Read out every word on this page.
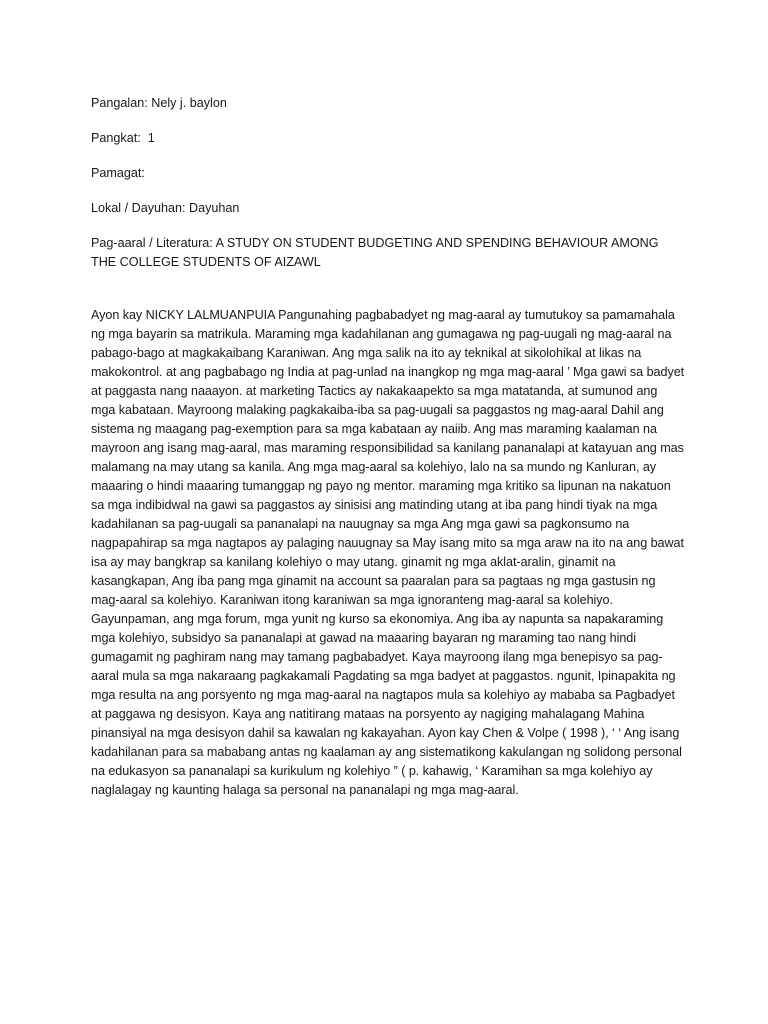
Pangalan: Nely j. baylon

Pangkat:  1

Pamagat:

Lokal / Dayuhan: Dayuhan

Pag-aaral / Literatura: A STUDY ON STUDENT BUDGETING AND SPENDING BEHAVIOUR AMONG THE COLLEGE STUDENTS OF AIZAWL

Ayon kay NICKY LALMUANPUIA Pangunahing pagbabadyet ng mag-aaral ay tumutukoy sa pamamahala ng mga bayarin sa matrikula. Maraming mga kadahilanan ang gumagawa ng pag-uugali ng mag-aaral na pabago-bago at magkakaibang Karaniwan. Ang mga salik na ito ay teknikal at sikolohikal at likas na makokontrol. at ang pagbabago ng India at pag-unlad na inangkop ng mga mag-aaral ’ Mga gawi sa badyet at paggasta nang naaayon. at marketing Tactics ay nakakaapekto sa mga matatanda, at sumunod ang mga kabataan. Mayroong malaking pagkakaiba-iba sa pag-uugali sa paggastos ng mag-aaral Dahil ang sistema ng maagang pag-exemption para sa mga kabataan ay naiib. Ang mas maraming kaalaman na mayroon ang isang mag-aaral, mas maraming responsibilidad sa kanilang pananalapi at katayuan ang mas malamang na may utang sa kanila. Ang mga mag-aaral sa kolehiyo, lalo na sa mundo ng Kanluran, ay maaaring o hindi maaaring tumanggap ng payo ng mentor. maraming mga kritiko sa lipunan na nakatuon sa mga indibidwal na gawi sa paggastos ay sinisisi ang matinding utang at iba pang hindi tiyak na mga kadahilanan sa pag-uugali sa pananalapi na nauugnay sa mga Ang mga gawi sa pagkonsumo na nagpapahirap sa mga nagtapos ay palaging nauugnay sa May isang mito sa mga araw na ito na ang bawat isa ay may bangkrap sa kanilang kolehiyo o may utang. ginamit ng mga aklat-aralin, ginamit na kasangkapan, Ang iba pang mga ginamit na account sa paaralan para sa pagtaas ng mga gastusin ng mag-aaral sa kolehiyo. Karaniwan itong karaniwan sa mga ignoranteng mag-aaral sa kolehiyo. Gayunpaman, ang mga forum, mga yunit ng kurso sa ekonomiya. Ang iba ay napunta sa napakaraming mga kolehiyo, subsidyo sa pananalapi at gawad na maaaring bayaran ng maraming tao nang hindi gumagamit ng paghiram nang may tamang pagbabadyet. Kaya mayroong ilang mga benepisyo sa pag-aaral mula sa mga nakaraang pagkakamali Pagdating sa mga badyet at paggastos. ngunit, Ipinapakita ng mga resulta na ang porsyento ng mga mag-aaral na nagtapos mula sa kolehiyo ay mababa sa Pagbadyet at paggawa ng desisyon. Kaya ang natitirang mataas na porsyento ay nagiging mahalagang Mahina pinansiyal na mga desisyon dahil sa kawalan ng kakayahan. Ayon kay Chen & Volpe ( 1998 ), ‘ ‘ Ang isang kadahilanan para sa mababang antas ng kaalaman ay ang sistematikong kakulangan ng solidong personal na edukasyon sa pananalapi sa kurikulum ng kolehiyo ” ( p. kahawig, ‘ Karamihan sa mga kolehiyo ay naglalagay ng kaunting halaga sa personal na pananalapi ng mga mag-aaral.
